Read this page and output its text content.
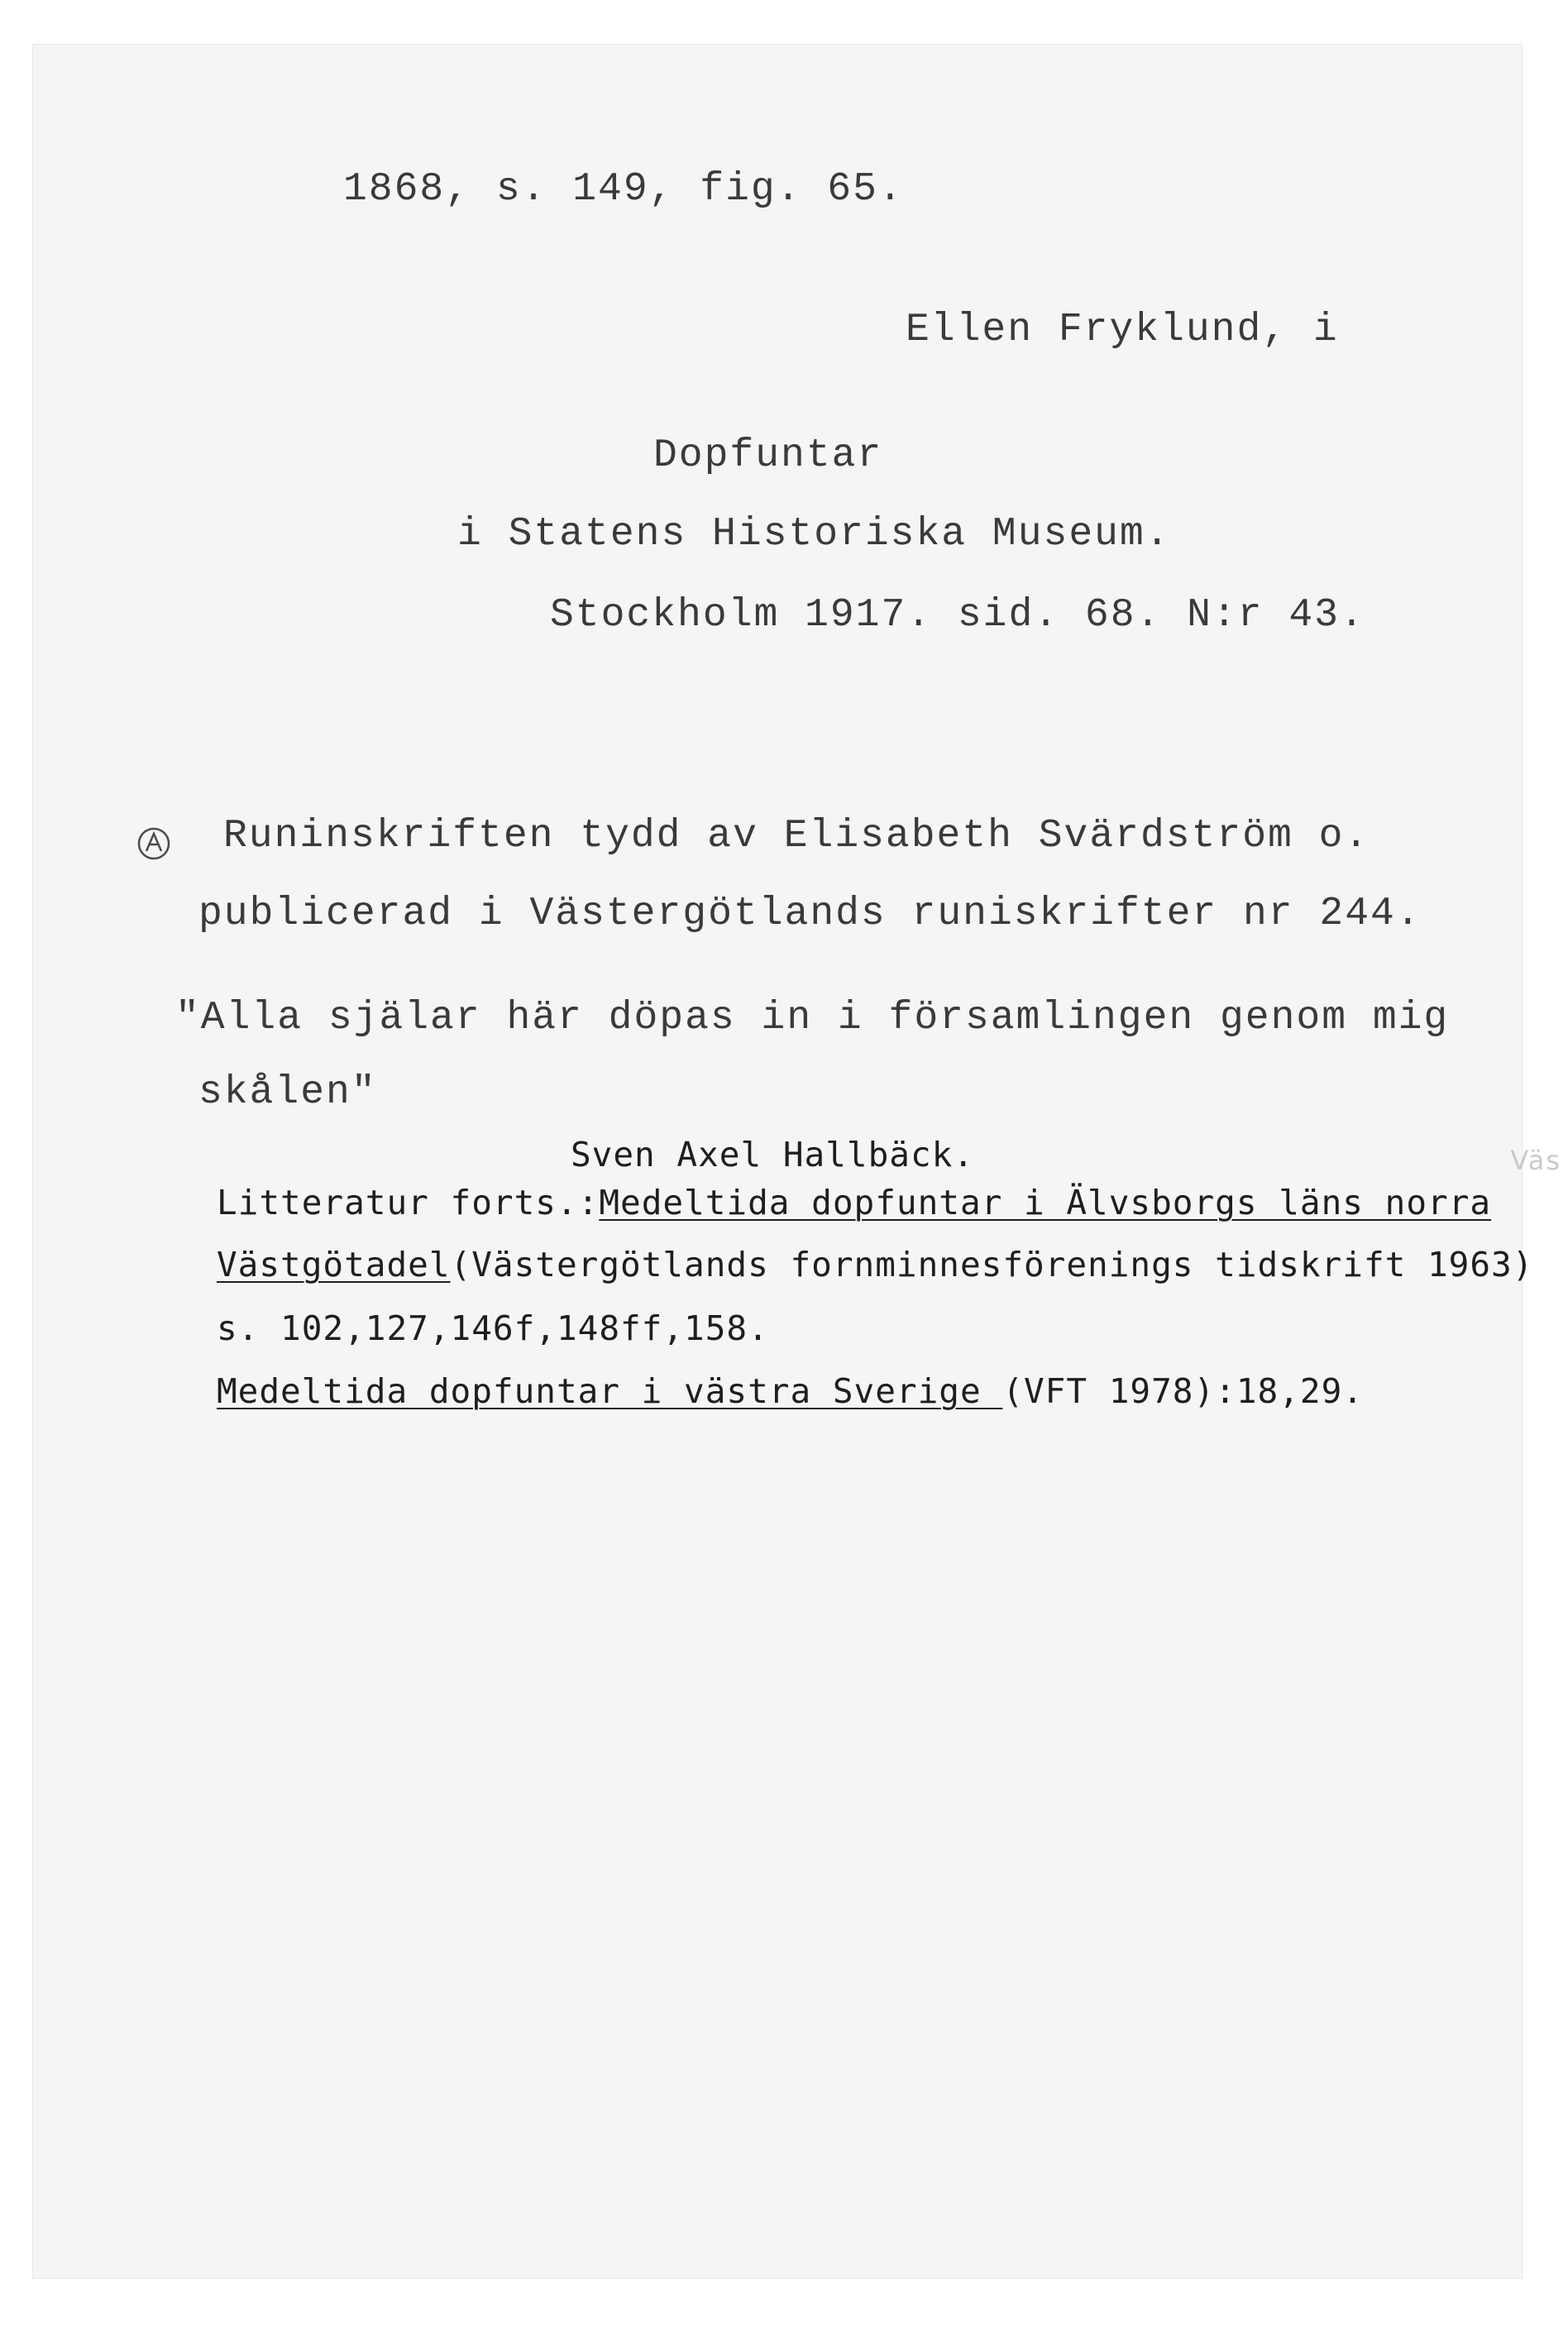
1868, s. 149, fig. 65.

Ellen Fryklund, i

Dopfuntar

i Statens Historiska Museum.

Stockholm 1917. sid. 68. N:r 43.

Runinskriften tydd av Elisabeth Svärdström o.

publicerad i Västergötlands runiskrifter nr 244.

"Alla själar här döpas in i församlingen genom mig

skålen"

Sven Axel Hallbäck.

Litteratur forts.:Medeltida dopfuntar i Älvsborgs läns norra

Västgötadel(Västergötlands fornminnesförenings tidskrift 1963)

s. 102,127,146f,148ff,158.

Medeltida dopfuntar i västra Sverige (VFT 1978):18,29.

Väs
